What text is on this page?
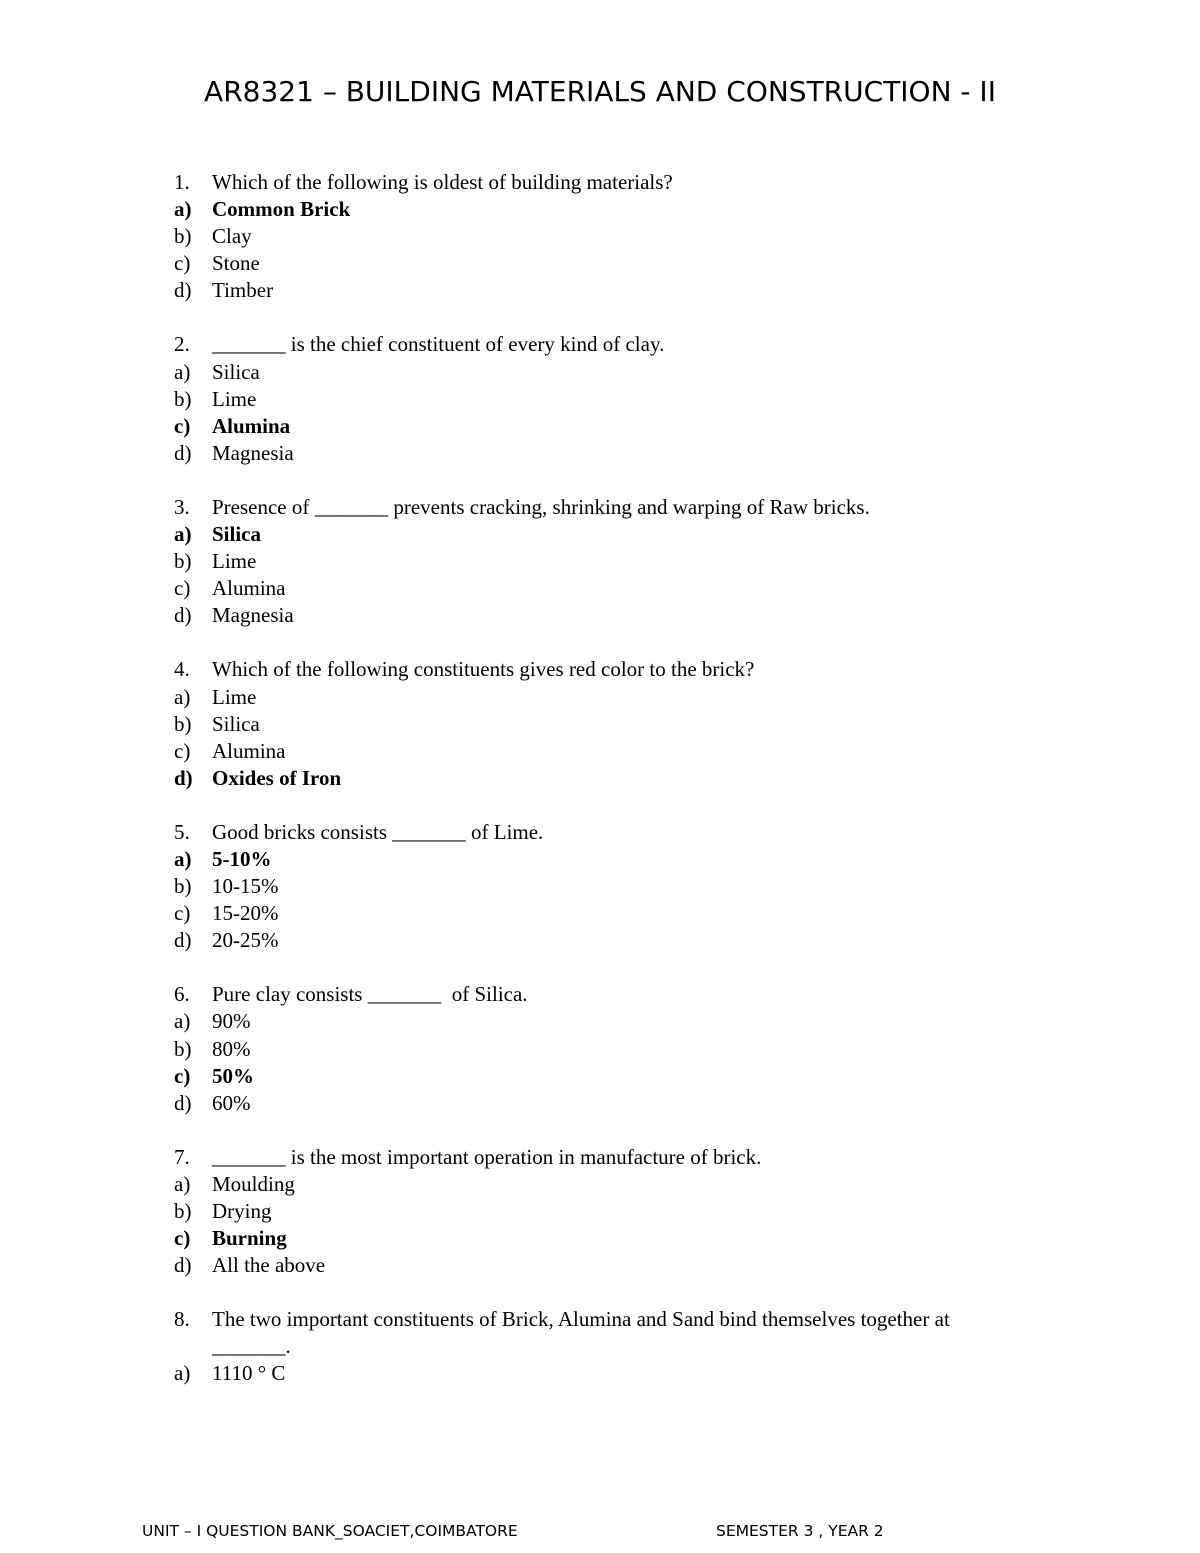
AR8321 – BUILDING MATERIALS AND CONSTRUCTION - II
1.	Which of the following is oldest of building materials?
a) Common Brick
b) Clay
c)	Stone
d) Timber
2.	_______ is the chief constituent of every kind of clay.
a)	Silica
b) Lime
c)	Alumina
d) Magnesia
3.	Presence of _______ prevents cracking, shrinking and warping of Raw bricks.
a) Silica
b) Lime
c)	Alumina
d) Magnesia
4.	Which of the following constituents gives red color to the brick?
a)	Lime
b) Silica
c)	Alumina
d) Oxides of Iron
5.	Good bricks consists _______ of Lime.
a) 5-10%
b) 10-15%
c)	15-20%
d) 20-25%
6.	Pure clay consists _______  of Silica.
a)	90%
b) 80%
c)	50%
d) 60%
7.	_______ is the most important operation in manufacture of brick.
a)	Moulding
b) Drying
c)	Burning
d) All the above
8.	The two important constituents of Brick, Alumina and Sand bind themselves together at
_______.
a)	1110 ° C
UNIT – I QUESTION BANK_SOACIET,COIMBATORE	SEMESTER 3 , YEAR 2
